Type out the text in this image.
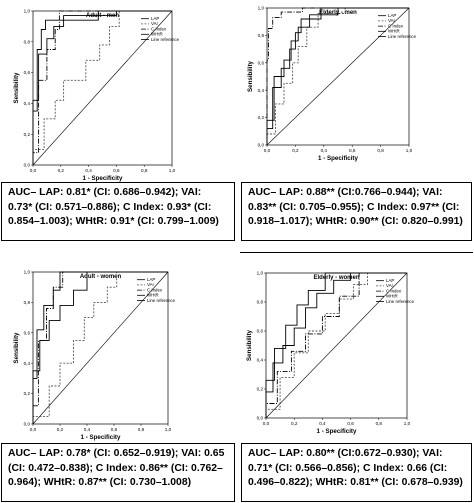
Adult - men
0,0	0,2	0,4	0,6	0,8	1,0
0,0
0,2
0,4
0,6
0,8
1,0
1 - Specificity
Sensibility
LAP
VAI
C Index
WHtR
Line reference
AUC– LAP: 0.81* (CI: 0.686–0.942); VAI: 0.73* (CI: 0.571–0.886); C Index: 0.93* (CI: 0.854–1.003); WHtR: 0.91* (CI: 0.799–1.009)
Elderly - men
0,0	0,2	0,4	0,6	0,8	1,0
0,0
0,2
0,4
0,6
0,8
1,0
1 - Specificity
Sensibility
LAP
VAI
C Index
WHtR
Line reference
AUC– LAP: 0.88** (CI:0.766–0.944); VAI: 0.83** (CI: 0.705–0.955); C Index: 0.97** (CI: 0.918–1.017); WHtR: 0.90** (CI: 0.820–0.991)
Adult - women
0,0	0,2	0,4	0,6	0,8	1,0
0,0
0,2
0,4
0,6
0,8
1,0
1 - Specificity
Sensibility
LAP
VAI
C Index
WHtR
Line reference
AUC– LAP: 0.78* (CI: 0.652–0.919); VAI: 0.65 (CI: 0.472–0.838); C Index: 0.86** (CI: 0.762–0.964); WHtR: 0.87** (CI: 0.730–1.008)
Elderly - women
0,0	0,2	0,4	0,6	0,8	1,0
0,0
0,2
0,4
0,6
0,8
1,0
1 - Specificity
Sensibility
LAP
VAI
C Index
WHtR
Line reference
AUC– LAP: 0.80** (CI:0.672–0.930); VAI: 0.71* (CI: 0.566–0.856); C Index: 0.66 (CI: 0.496–0.822); WHtR: 0.81** (CI: 0.678–0.939)
